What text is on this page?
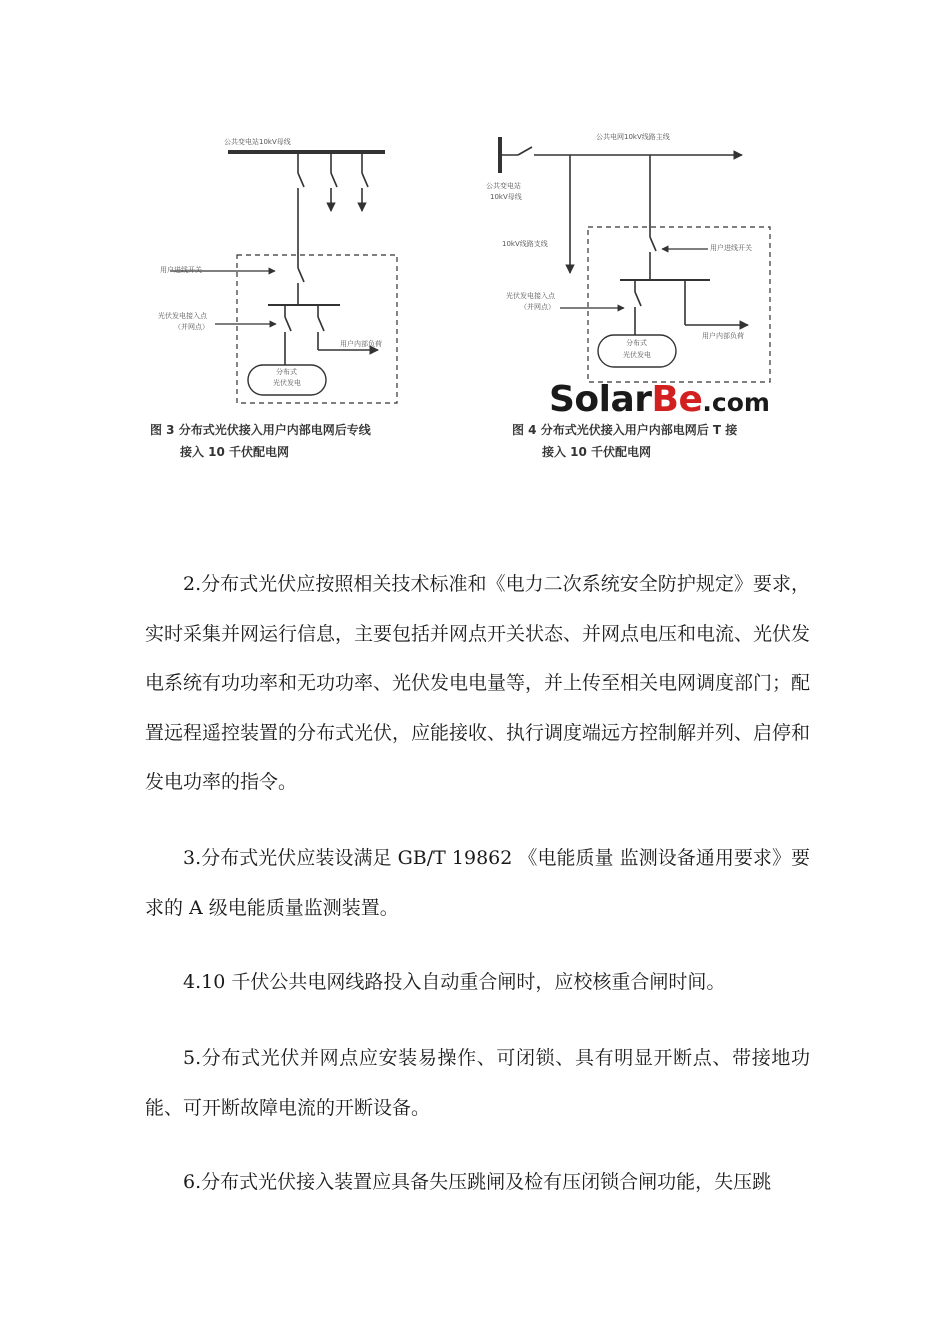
公共变电站10kV母线
用户进线开关
光伏发电接入点
（并网点）
用户内部负荷
分布式
光伏发电
图 3 分布式光伏接入用户内部电网后专线
接入 10 千伏配电网
公共电网10kV线路主线
公共变电站
10kV母线
10kV线路支线	用户进线开关
光伏发电接入点
（并网点）
用户内部负荷
分布式
光伏发电
图 4 分布式光伏接入用户内部电网后 T 接
接入 10 千伏配电网
SolarBe.com

2.分布式光伏应按照相关技术标准和《电力二次系统安全防护规定》要求，实时采集并网运行信息，主要包括并网点开关状态、并网点电压和电流、光伏发电系统有功功率和无功功率、光伏发电电量等，并上传至相关电网调度部门；配置远程遥控装置的分布式光伏，应能接收、执行调度端远方控制解并列、启停和发电功率的指令。

3.分布式光伏应装设满足 GB/T 19862 《电能质量 监测设备通用要求》要求的 A 级电能质量监测装置。

4.10 千伏公共电网线路投入自动重合闸时，应校核重合闸时间。

5.分布式光伏并网点应安装易操作、可闭锁、具有明显开断点、带接地功能、可开断故障电流的开断设备。

6.分布式光伏接入装置应具备失压跳闸及检有压闭锁合闸功能，失压跳
